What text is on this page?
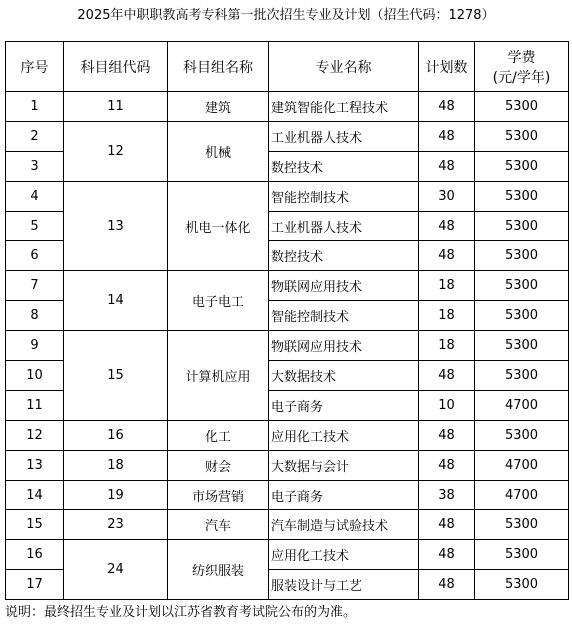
2025年中职职教高考专科第一批次招生专业及计划（招生代码：1278）
序号	科目组代码	科目组名称	专业名称	计划数	学费
(元/学年)

1	11	建筑	建筑智能化工程技术	48	5300
2	12	机械	工业机器人技术	48	5300
3			数控技术	48	5300
4	13	机电一体化	智能控制技术	30	5300
5			工业机器人技术	48	5300
6			数控技术	48	5300
7	14	电子电工	物联网应用技术	18	5300
8			智能控制技术	18	5300
9	15	计算机应用	物联网应用技术	18	5300
10			大数据技术	48	5300
11			电子商务	10	4700
12	16	化工	应用化工技术	48	5300
13	18	财会	大数据与会计	48	4700
14	19	市场营销	电子商务	38	4700
15	23	汽车	汽车制造与试验技术	48	5300
16	24	纺织服装	应用化工技术	48	5300
17			服装设计与工艺	48	5300
说明：最终招生专业及计划以江苏省教育考试院公布的为准。
